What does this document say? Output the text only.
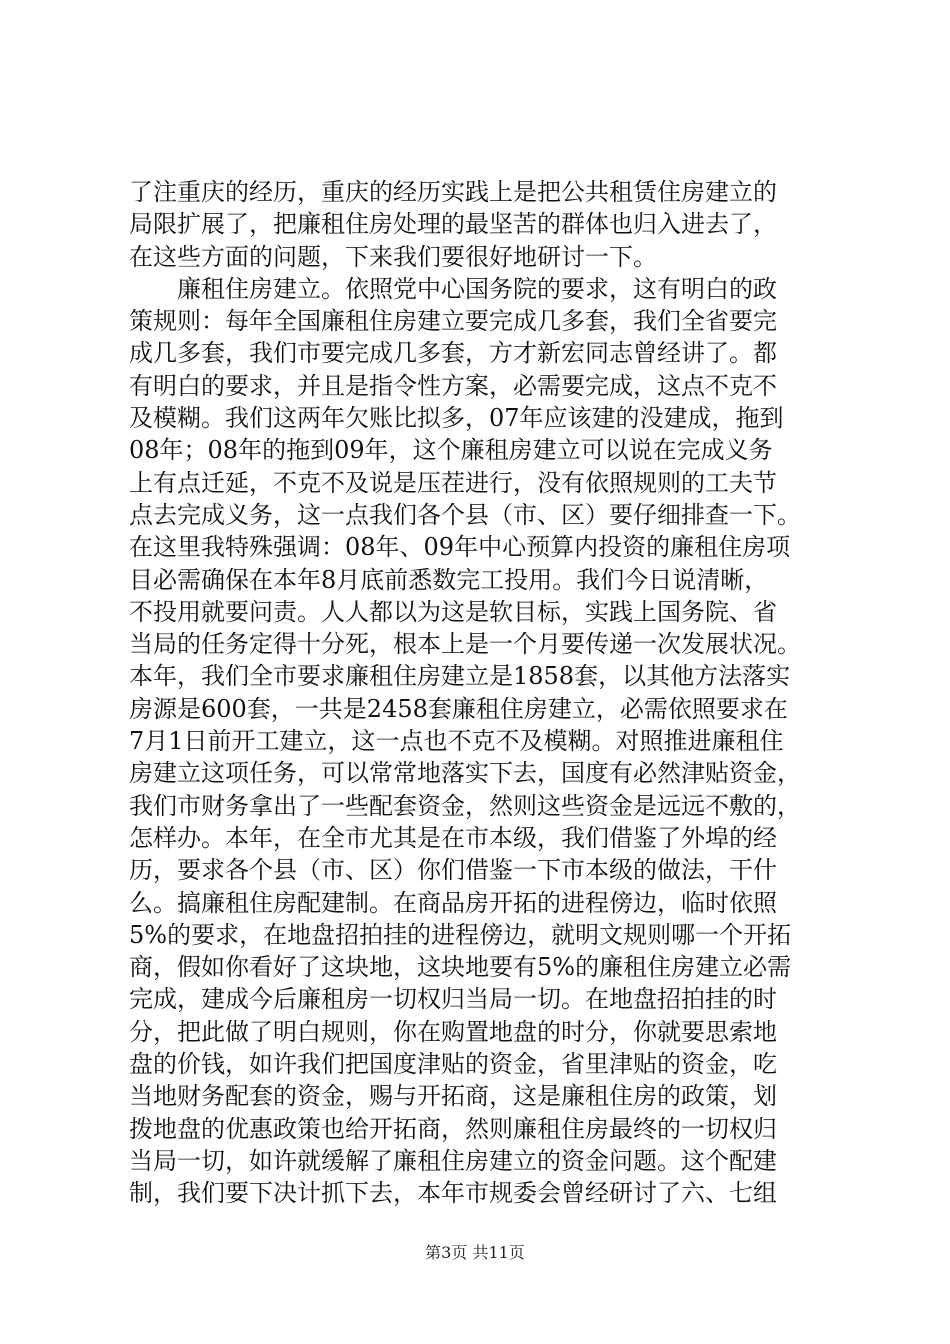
了注重庆的经历，重庆的经历实践上是把公共租赁住房建立的
局限扩展了，把廉租住房处理的最坚苦的群体也归入进去了，
在这些方面的问题，下来我们要很好地研讨一下。
廉租住房建立。依照党中心国务院的要求，这有明白的政
策规则：每年全国廉租住房建立要完成几多套，我们全省要完
成几多套，我们市要完成几多套，方才新宏同志曾经讲了。都
有明白的要求，并且是指令性方案，必需要完成，这点不克不
及模糊。我们这两年欠账比拟多，07年应该建的没建成，拖到
08年；08年的拖到09年，这个廉租房建立可以说在完成义务
上有点迁延，不克不及说是压茬进行，没有依照规则的工夫节
点去完成义务，这一点我们各个县（市、区）要仔细排查一下。
在这里我特殊强调：08年、09年中心预算内投资的廉租住房项
目必需确保在本年8月底前悉数完工投用。我们今日说清晰，
不投用就要问责。人人都以为这是软目标，实践上国务院、省
当局的任务定得十分死，根本上是一个月要传递一次发展状况。
本年，我们全市要求廉租住房建立是1858套，以其他方法落实
房源是600套，一共是2458套廉租住房建立，必需依照要求在
7月1日前开工建立，这一点也不克不及模糊。对照推进廉租住
房建立这项任务，可以常常地落实下去，国度有必然津贴资金，
我们市财务拿出了一些配套资金，然则这些资金是远远不敷的，
怎样办。本年，在全市尤其是在市本级，我们借鉴了外埠的经
历，要求各个县（市、区）你们借鉴一下市本级的做法，干什
么。搞廉租住房配建制。在商品房开拓的进程傍边，临时依照
5%的要求，在地盘招拍挂的进程傍边，就明文规则哪一个开拓
商，假如你看好了这块地，这块地要有5%的廉租住房建立必需
完成，建成今后廉租房一切权归当局一切。在地盘招拍挂的时
分，把此做了明白规则，你在购置地盘的时分，你就要思索地
盘的价钱，如许我们把国度津贴的资金，省里津贴的资金，吃
当地财务配套的资金，赐与开拓商，这是廉租住房的政策，划
拨地盘的优惠政策也给开拓商，然则廉租住房最终的一切权归
当局一切，如许就缓解了廉租住房建立的资金问题。这个配建
制，我们要下决计抓下去，本年市规委会曾经研讨了六、七组
第3页 共11页
